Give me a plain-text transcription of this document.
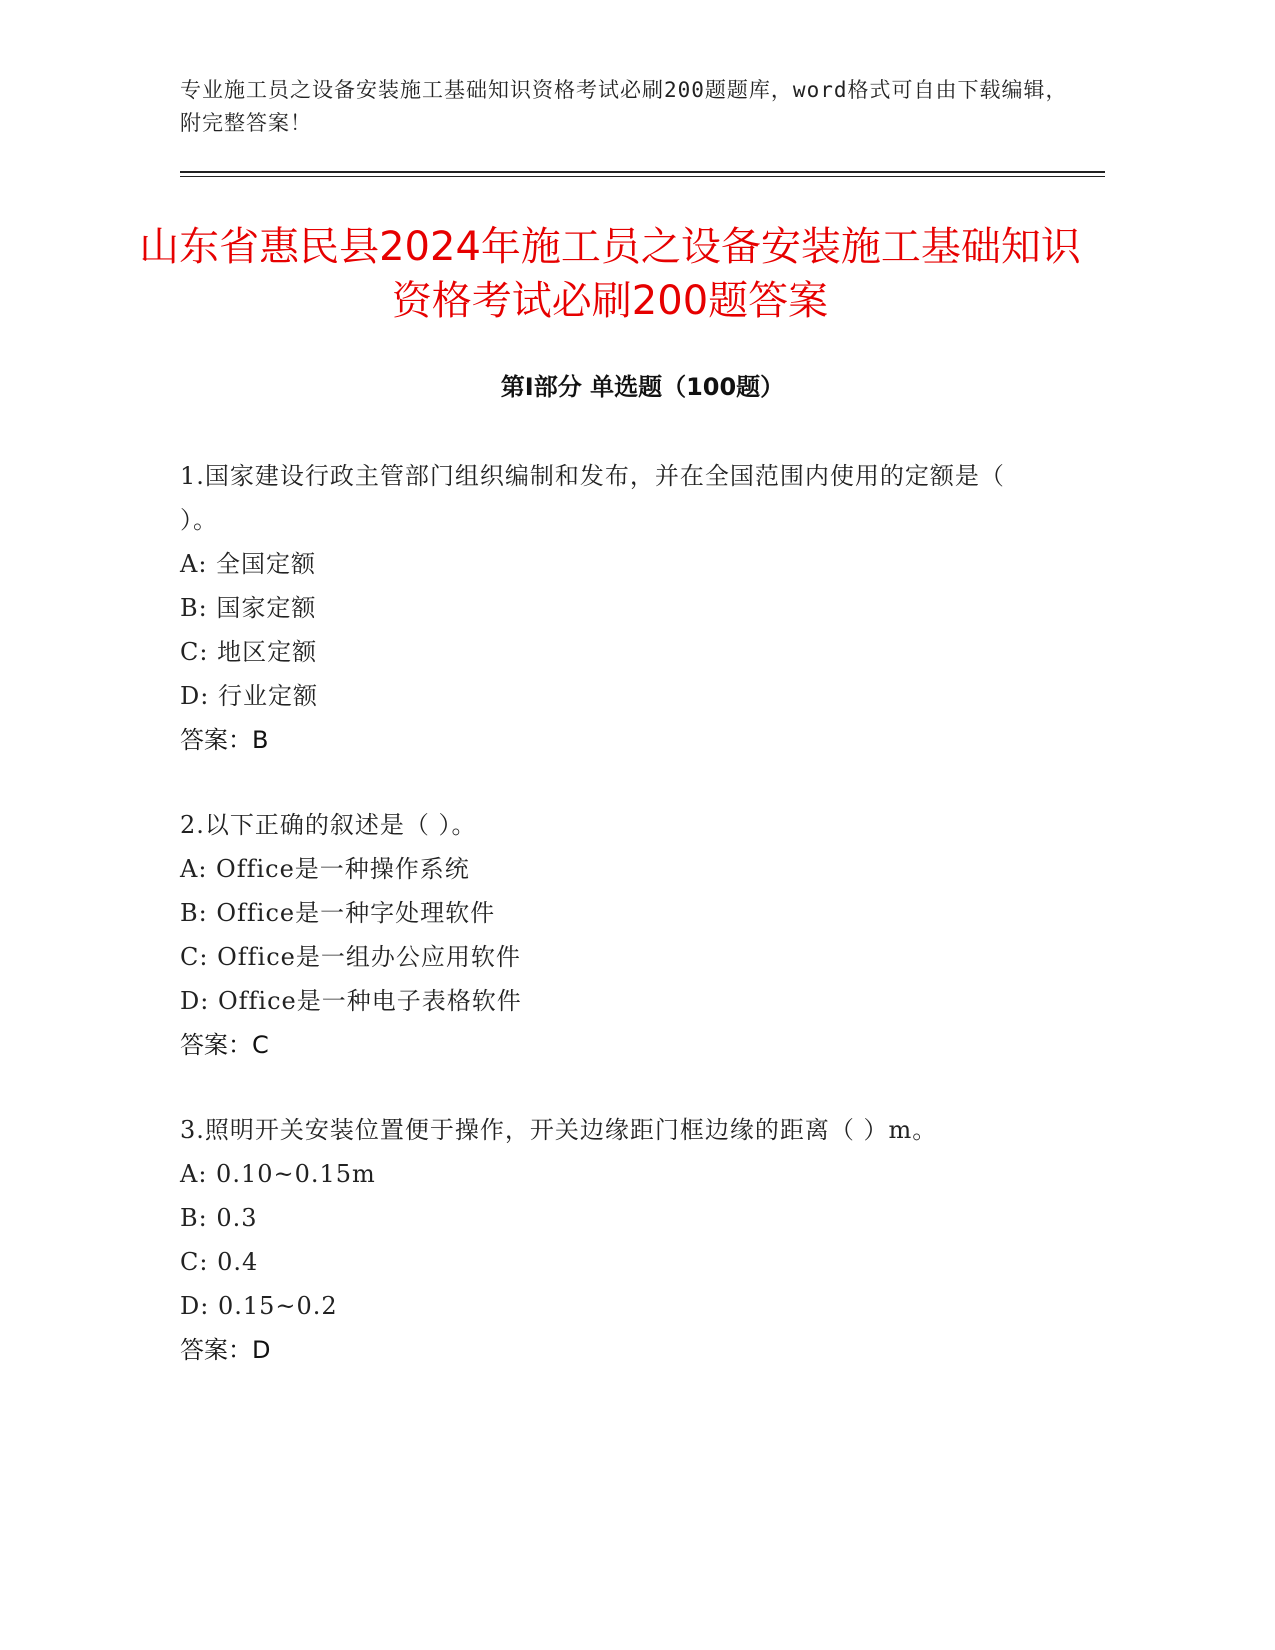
专业施工员之设备安装施工基础知识资格考试必刷200题题库，word格式可自由下载编辑，附完整答案！
山东省惠民县2024年施工员之设备安装施工基础知识资格考试必刷200题答案
第I部分 单选题（100题）

1.国家建设行政主管部门组织编制和发布，并在全国范围内使用的定额是（ ）。

A: 全国定额

B: 国家定额

C: 地区定额

D: 行业定额

答案：B

2.以下正确的叙述是（ ）。

A: Office是一种操作系统

B: Office是一种字处理软件

C: Office是一组办公应用软件

D: Office是一种电子表格软件

答案：C

3.照明开关安装位置便于操作，开关边缘距门框边缘的距离（ ）m。

A: 0.10~0.15m

B: 0.3

C: 0.4

D: 0.15~0.2

答案：D
